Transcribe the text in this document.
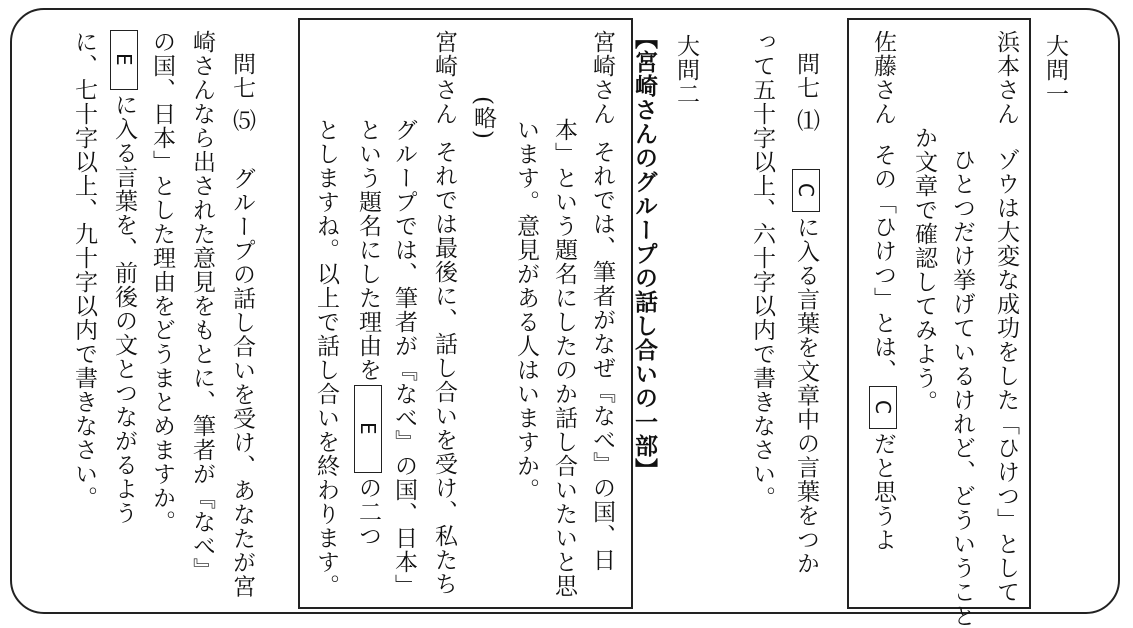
大問一
浜本さん
ゾウは大変な成功をした「ひけつ」として
ひとつだけ挙げているけれど、どういうこと
か文章で確認してみよう。
佐藤さん  その「ひけつ」とは、Cだと思うよ
問七 ⑴Cに入る言葉を文章中の言葉をつか
って五十字以上、六十字以内で書きなさい。
大問二
【宮崎さんのグループの話し合いの一部】
宮崎さん
それでは、筆者がなぜ『なべ』の国、日
本」という題名にしたのか話し合いたいと思
います。意見がある人はいますか。
(略)
宮崎さん
それでは最後に、話し合いを受け、私たち
グループでは、筆者が『なべ』の国、日本」
という題名にした理由をEの二つ
としますね。以上で話し合いを終わります。
問七 ⑸グループの話し合いを受け、あなたが宮
崎さんなら出された意見をもとに、筆者が『なべ』
の国、日本」とした理由をどうまとめますか。
Eに入る言葉を、前後の文とつながるよう
に、七十字以上、九十字以内で書きなさい。
